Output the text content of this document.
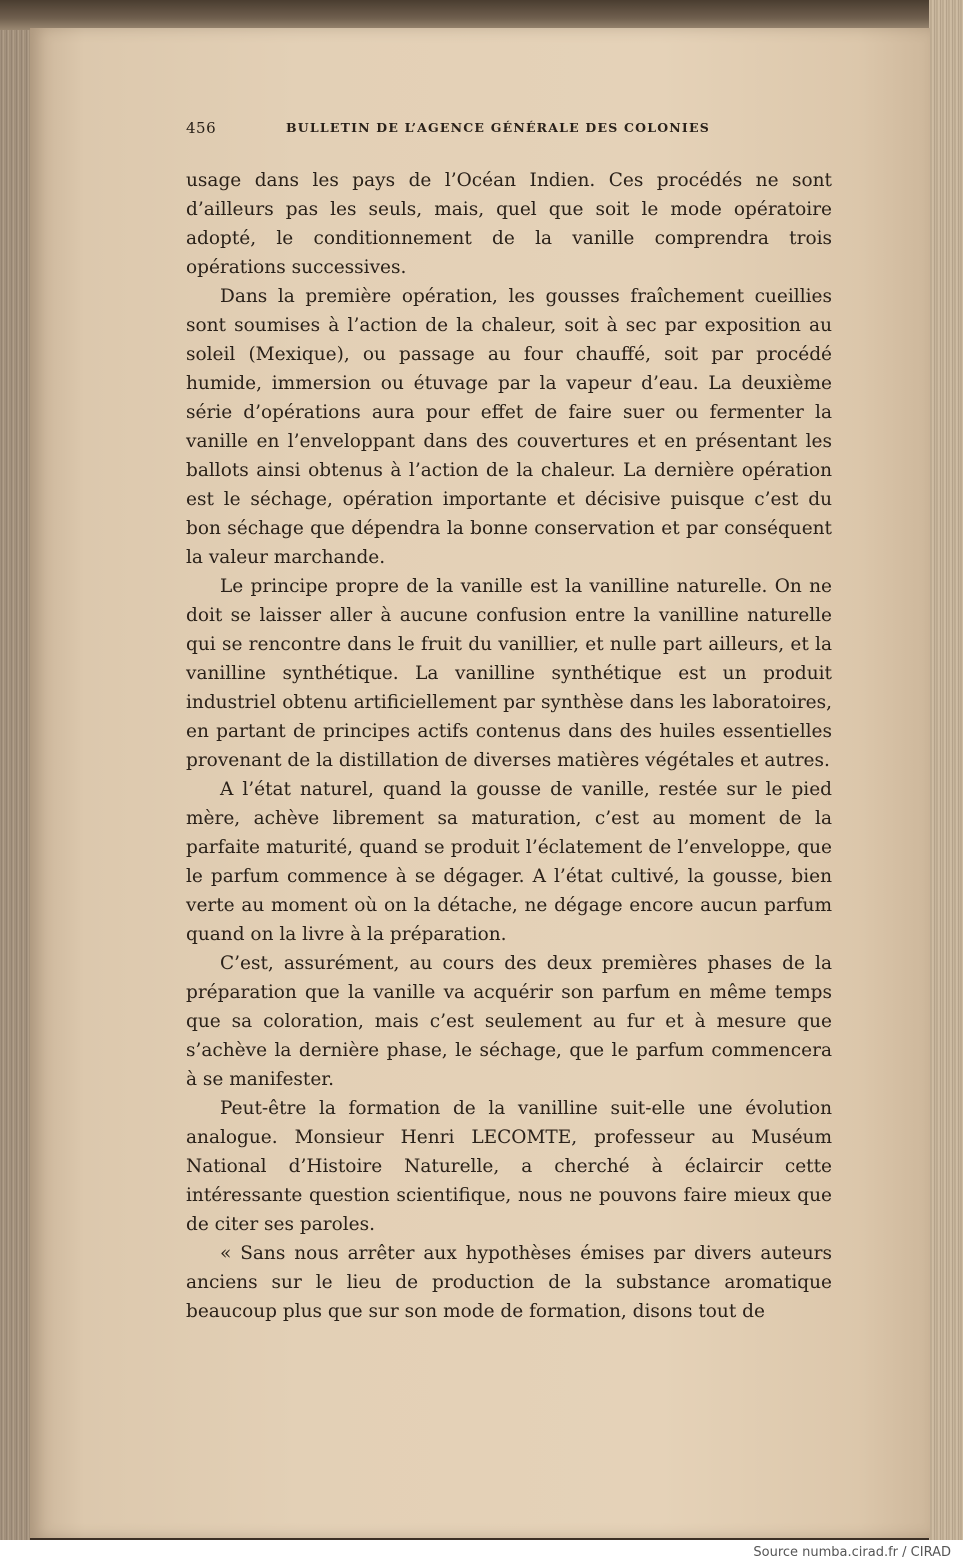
456	BULLETIN DE L’AGENCE GÉNÉRALE DES COLONIES

usage dans les pays de l’Océan Indien. Ces procédés ne sont d’ailleurs pas les seuls, mais, quel que soit le mode opératoire adopté, le conditionnement de la vanille comprendra trois opérations successives.

Dans la première opération, les gousses fraîchement cueillies sont soumises à l’action de la chaleur, soit à sec par exposition au soleil (Mexique), ou passage au four chauffé, soit par procédé humide, immersion ou étuvage par la vapeur d’eau. La deuxième série d’opérations aura pour effet de faire suer ou fermenter la vanille en l’enveloppant dans des couvertures et en présentant les ballots ainsi obtenus à l’action de la chaleur. La dernière opération est le séchage, opération importante et décisive puisque c’est du bon séchage que dépendra la bonne conservation et par conséquent la valeur marchande.

Le principe propre de la vanille est la vanilline naturelle. On ne doit se laisser aller à aucune confusion entre la vanilline naturelle qui se rencontre dans le fruit du vanillier, et nulle part ailleurs, et la vanilline synthétique. La vanilline synthétique est un produit industriel obtenu artificiellement par synthèse dans les laboratoires, en partant de principes actifs contenus dans des huiles essentielles provenant de la distillation de diverses matières végétales et autres.

A l’état naturel, quand la gousse de vanille, restée sur le pied mère, achève librement sa maturation, c’est au moment de la parfaite maturité, quand se produit l’éclatement de l’enveloppe, que le parfum commence à se dégager. A l’état cultivé, la gousse, bien verte au moment où on la détache, ne dégage encore aucun parfum quand on la livre à la préparation.

C’est, assurément, au cours des deux premières phases de la préparation que la vanille va acquérir son parfum en même temps que sa coloration, mais c’est seulement au fur et à mesure que s’achève la dernière phase, le séchage, que le parfum commencera à se manifester.

Peut-être la formation de la vanilline suit-elle une évolution analogue. Monsieur Henri LECOMTE, professeur au Muséum National d’Histoire Naturelle, a cherché à éclaircir cette intéressante question scientifique, nous ne pouvons faire mieux que de citer ses paroles.

« Sans nous arrêter aux hypothèses émises par divers auteurs anciens sur le lieu de production de la substance aromatique beaucoup plus que sur son mode de formation, disons tout de

Source numba.cirad.fr / CIRAD
